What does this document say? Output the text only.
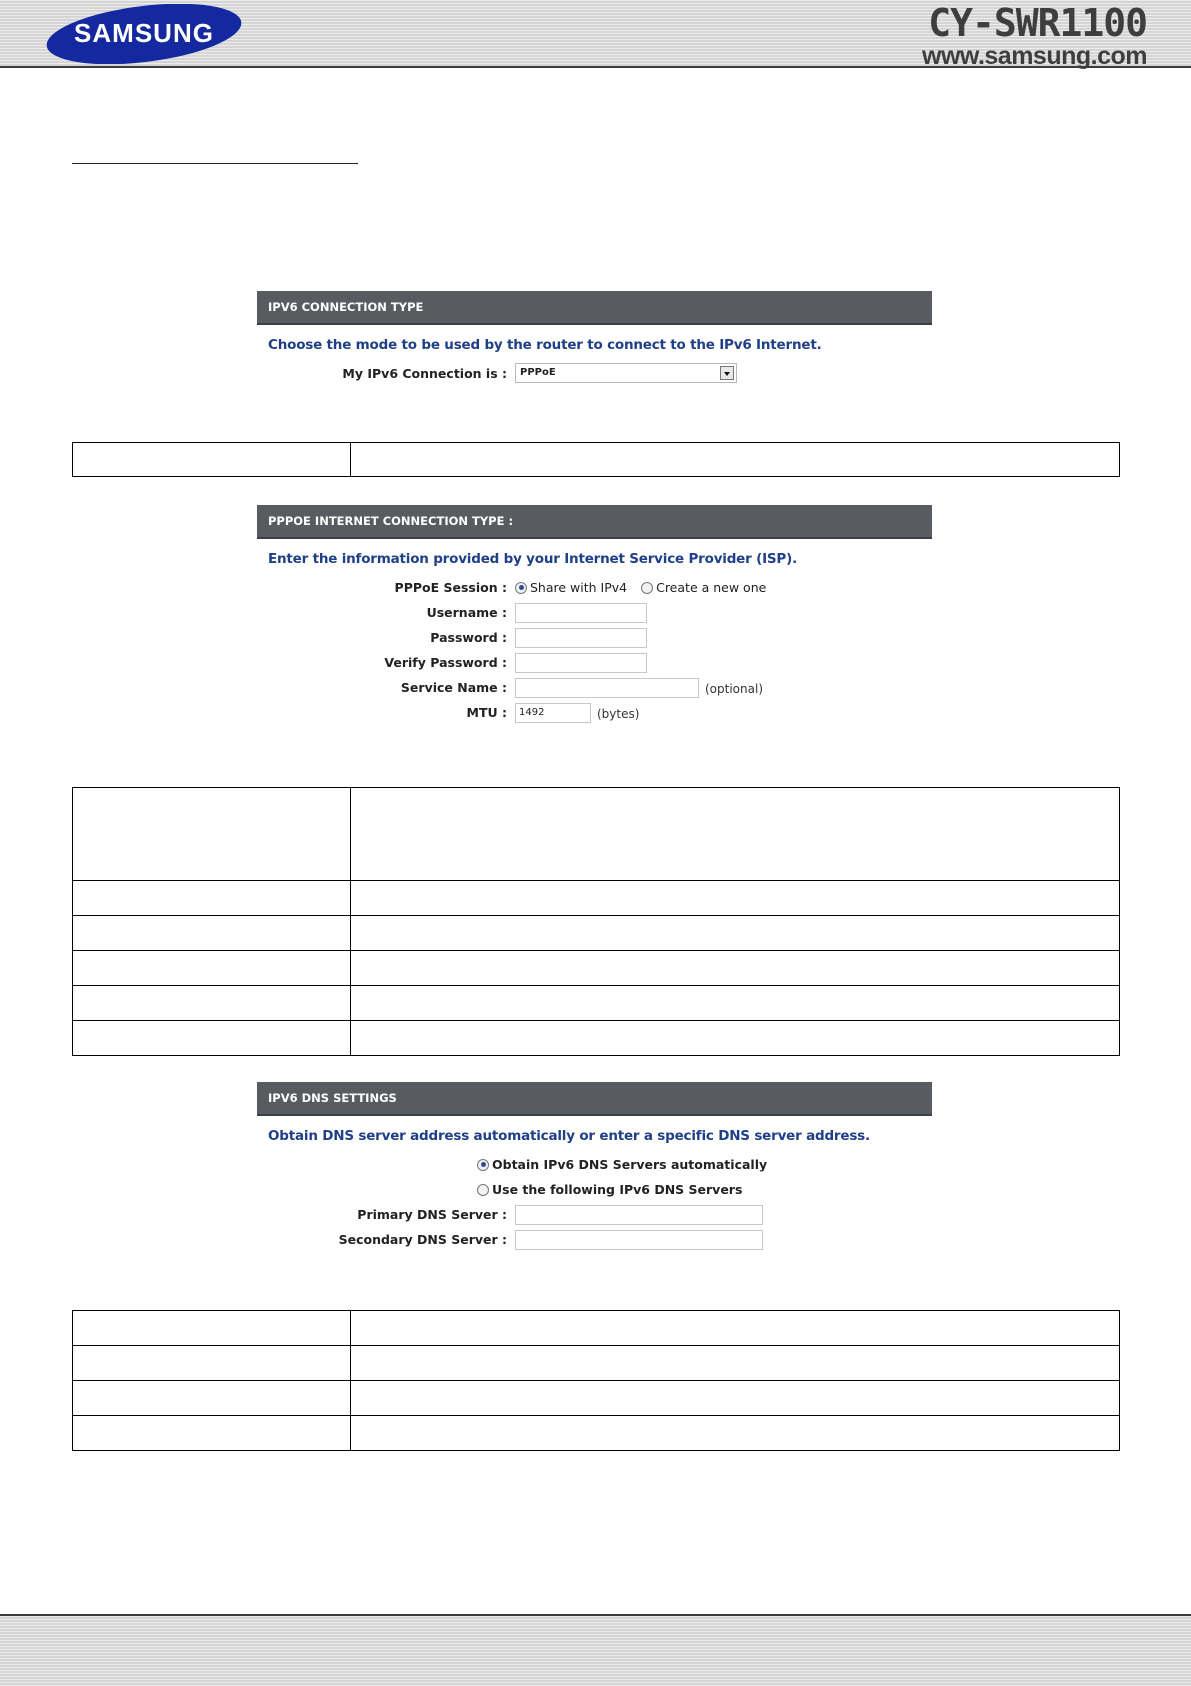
SAMSUNG	CY-SWR1100
www.samsung.com
IPV6 CONNECTION TYPE
Choose the mode to be used by the router to connect to the IPv6 Internet.
My IPv6 Connection is :	PPPoE

PPPOE INTERNET CONNECTION TYPE :
Enter the information provided by your Internet Service Provider (ISP).
PPPoE Session :	Share with IPv4 Create a new one
Username :
Password :
Verify Password :
Service Name :	(optional)
MTU :	1492	(bytes)

IPV6 DNS SETTINGS
Obtain DNS server address automatically or enter a specific DNS server address.
Obtain IPv6 DNS Servers automatically
Use the following IPv6 DNS Servers
Primary DNS Server :
Secondary DNS Server :
